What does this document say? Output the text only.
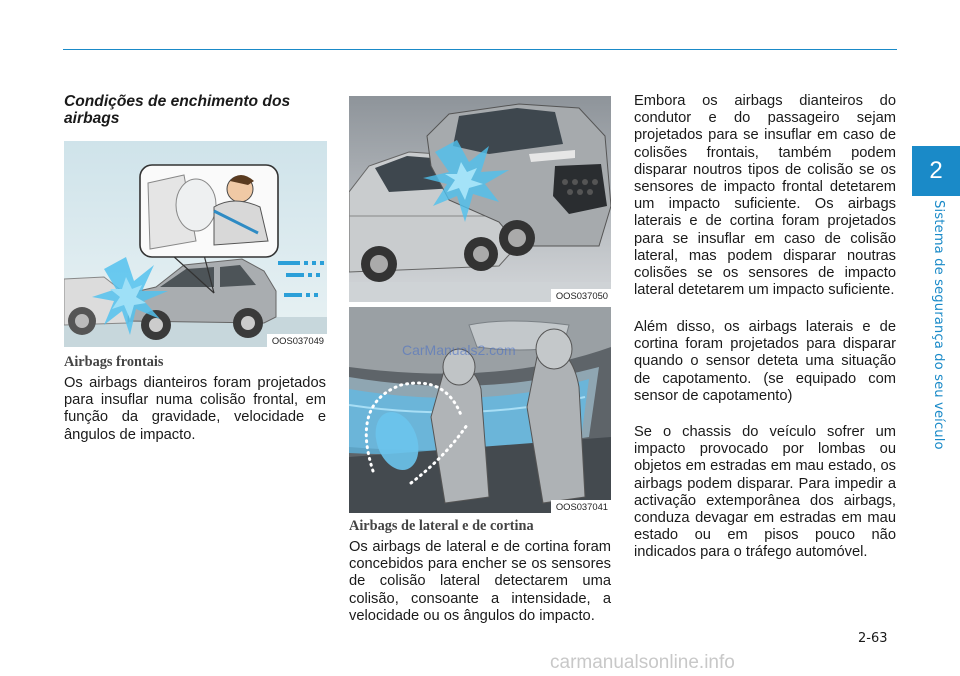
2
Sistema de segurança do seu veículo
Condições de enchimento dos airbags
OOS037049
Airbags frontais

Os airbags dianteiros foram projetados para insuflar numa colisão frontal, em função da gravidade, velocidade e ângulos de impacto.

OOS037050
OOS037041
CarManuals2.com
Airbags de lateral e de cortina

Os airbags de lateral e de cortina foram concebidos para encher se os sensores de colisão lateral detectarem uma colisão, consoante a intensidade, a velocidade ou os ângulos do impacto.

Embora os airbags dianteiros do condutor e do passageiro sejam projetados para se insuflar em caso de colisões frontais, também podem disparar noutros tipos de colisão se os sensores de impacto frontal detetarem um impacto suficiente. Os airbags laterais e de cortina foram projetados para se insuflar em caso de colisão lateral, mas podem disparar noutras colisões se os sensores de impacto lateral detetarem um impacto suficiente.

Além disso, os airbags laterais e de cortina foram projetados para disparar quando o sensor deteta uma situação de capotamento. (se equipado com sensor de capotamento)

Se o chassis do veículo sofrer um impacto provocado por lombas ou objetos em estradas em mau estado, os airbags podem disparar. Para impedir a activação extemporânea dos airbags, conduza devagar em estradas em mau estado ou em pisos pouco não indicados para o tráfego automóvel.

2-63
carmanualsonline.info
